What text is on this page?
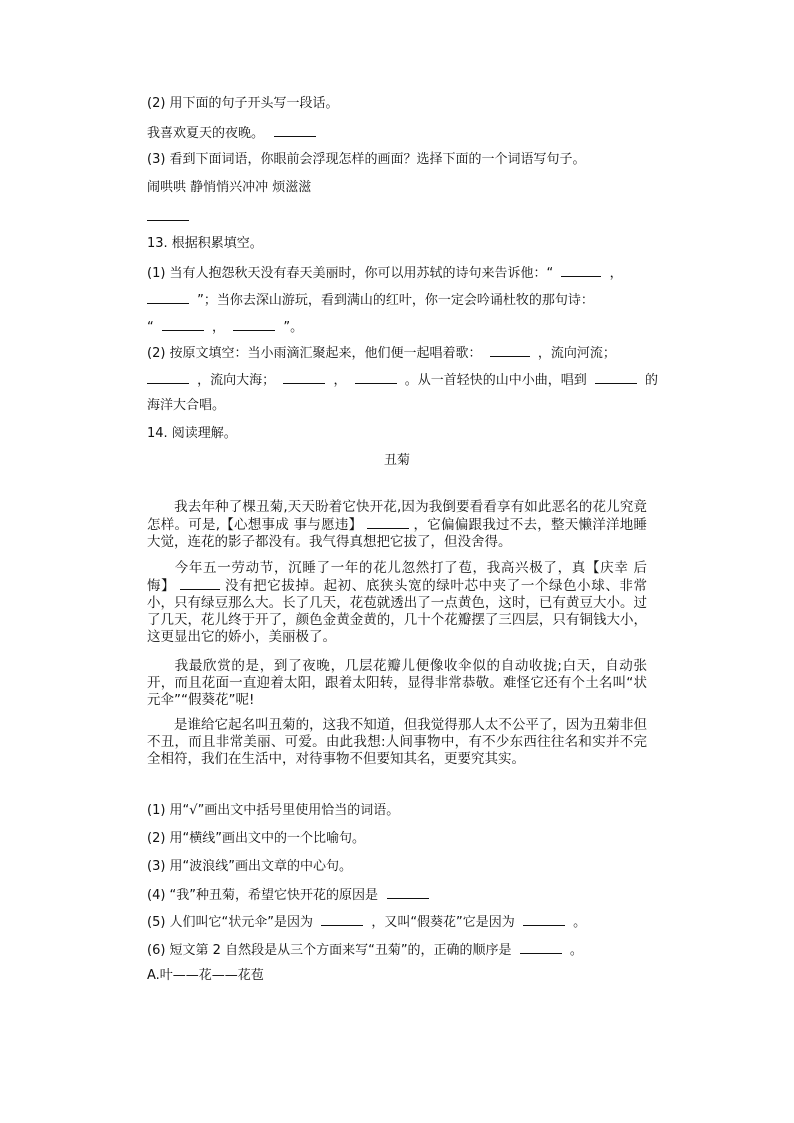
(2) 用下面的句子开头写一段话。
我喜欢夏天的夜晚。
(3) 看到下面词语，你眼前会浮现怎样的画面？选择下面的一个词语写句子。
闹哄哄 静悄悄兴冲冲 烦滋滋
13. 根据积累填空。
(1) 当有人抱怨秋天没有春天美丽时，你可以用苏轼的诗句来告诉他：“	，
”；当你去深山游玩，看到满山的红叶，你一定会吟诵杜牧的那句诗：
“	，	”。
(2) 按原文填空：当小雨滴汇聚起来，他们便一起唱着歌：	，流向河流；
，流向大海；	，	。从一首轻快的山中小曲，唱到	的
海洋大合唱。
14. 阅读理解。
丑菊
我去年种了棵丑菊,天天盼着它快开花,因为我倒要看看享有如此恶名的花儿究竟怎样。可是,【心想事成 事与愿违】	，它偏偏跟我过不去，整天懒洋洋地睡大觉，连花的影子都没有。我气得真想把它拔了，但没舍得。
今年五一劳动节，沉睡了一年的花儿忽然打了苞，我高兴极了，真【庆幸 后悔】	没有把它拔掉。起初、底狭头宽的绿叶芯中夹了一个绿色小球、非常小，只有绿豆那么大。长了几天，花苞就透出了一点黄色，这时，已有黄豆大小。过了几天，花儿终于开了，颜色金黄金黄的，几十个花瓣摆了三四层，只有铜钱大小，这更显出它的娇小，美丽极了。
我最欣赏的是，到了夜晚，几层花瓣儿便像收伞似的自动收拢;白天，自动张开，而且花面一直迎着太阳，跟着太阳转，显得非常恭敬。难怪它还有个土名叫“状元伞”“假葵花”呢!
是谁给它起名叫丑菊的，这我不知道，但我觉得那人太不公平了，因为丑菊非但不丑，而且非常美丽、可爱。由此我想:人间事物中，有不少东西往往名和实并不完全相符，我们在生活中，对待事物不但要知其名，更要究其实。
(1) 用“√”画出文中括号里使用恰当的词语。
(2) 用“横线”画出文中的一个比喻句。
(3) 用“波浪线”画出文章的中心句。
(4) “我”种丑菊，希望它快开花的原因是
(5) 人们叫它“状元伞”是因为	，又叫“假葵花”它是因为	。
(6) 短文第 2 自然段是从三个方面来写“丑菊”的，正确的顺序是	。
A.叶——花——花苞
